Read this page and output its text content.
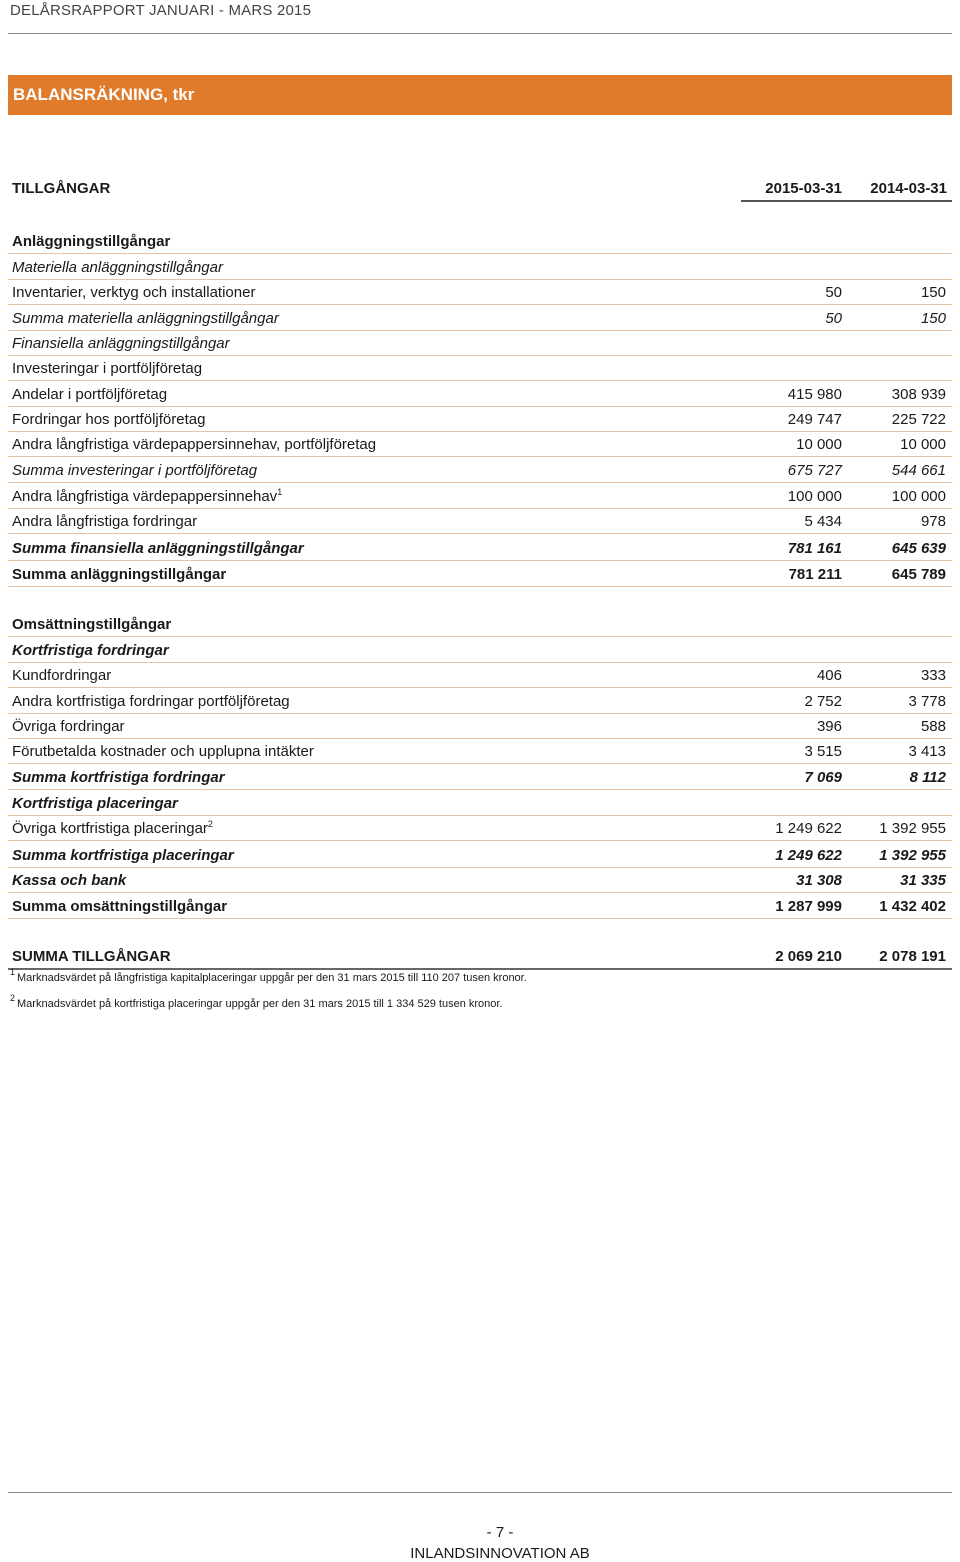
DELÅRSRAPPORT JANUARI - MARS 2015
BALANSRÄKNING, tkr
TILLGÅNGAR	2015-03-31	2014-03-31
Anläggningstillgångar
Materiella anläggningstillgångar
Inventarier, verktyg och installationer	50	150
Summa materiella anläggningstillgångar	50	150
Finansiella anläggningstillgångar
Investeringar i portföljföretag
Andelar i portföljföretag	415 980	308 939
Fordringar hos portföljföretag	249 747	225 722
Andra långfristiga värdepappersinnehav, portföljföretag	10 000	10 000
Summa investeringar i portföljföretag	675 727	544 661
Andra långfristiga värdepappersinnehav$^1$	100 000	100 000
Andra långfristiga fordringar	5 434	978
Summa finansiella anläggningstillgångar	781 161	645 639
Summa anläggningstillgångar	781 211	645 789
Omsättningstillgångar
Kortfristiga fordringar
Kundfordringar	406	333
Andra kortfristiga fordringar portföljföretag	2 752	3 778
Övriga fordringar	396	588
Förutbetalda kostnader och upplupna intäkter	3 515	3 413
Summa kortfristiga fordringar	7 069	8 112
Kortfristiga placeringar
Övriga kortfristiga placeringar$^2$	1 249 622	1 392 955
Summa kortfristiga placeringar	1 249 622	1 392 955
Kassa och bank	31 308	31 335
Summa omsättningstillgångar	1 287 999	1 432 402
SUMMA TILLGÅNGAR	2 069 210	2 078 191
$^1$ Marknadsvärdet på långfristiga kapitalplaceringar uppgår per den 31 mars 2015 till 110 207 tusen kronor.
$^2$ Marknadsvärdet på kortfristiga placeringar uppgår per den 31 mars 2015 till 1 334 529 tusen kronor.
- 7 -
INLANDSINNOVATION AB
